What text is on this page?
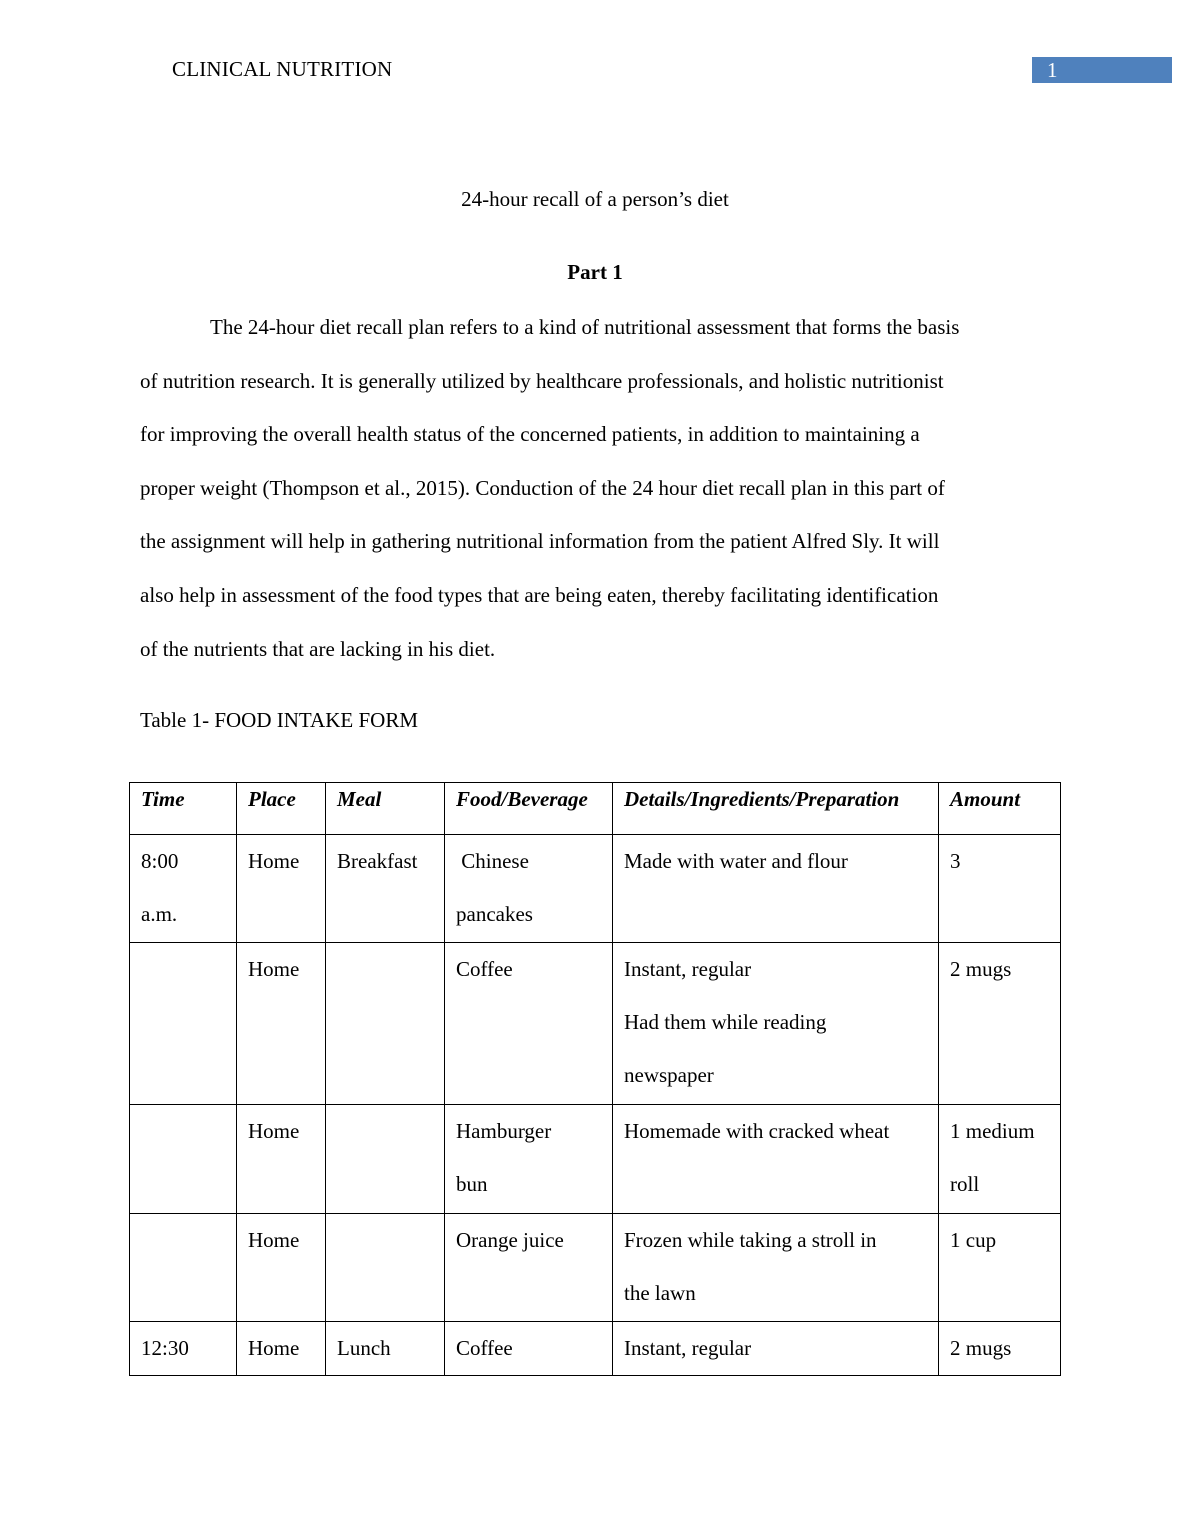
CLINICAL NUTRITION	1
24-hour recall of a person’s diet
Part 1
The 24-hour diet recall plan refers to a kind of nutritional assessment that forms the basis
of nutrition research. It is generally utilized by healthcare professionals, and holistic nutritionist
for improving the overall health status of the concerned patients, in addition to maintaining a
proper weight (Thompson et al., 2015). Conduction of the 24 hour diet recall plan in this part of
the assignment will help in gathering nutritional information from the patient Alfred Sly. It will
also help in assessment of the food types that are being eaten, thereby facilitating identification
of the nutrients that are lacking in his diet.
Table 1- FOOD INTAKE FORM
Time	Place	Meal	Food/Beverage	Details/Ingredients/Preparation	Amount

8:00
a.m.	Home	Breakfast	Chinese
pancakes	Made with water and flour	3

	Home		Coffee	Instant, regular
Had them while reading
newspaper	2 mugs

	Home		Hamburger
bun	Homemade with cracked wheat	1 medium
roll

	Home		Orange juice	Frozen while taking a stroll in
the lawn	1 cup

12:30	Home	Lunch	Coffee	Instant, regular	2 mugs
